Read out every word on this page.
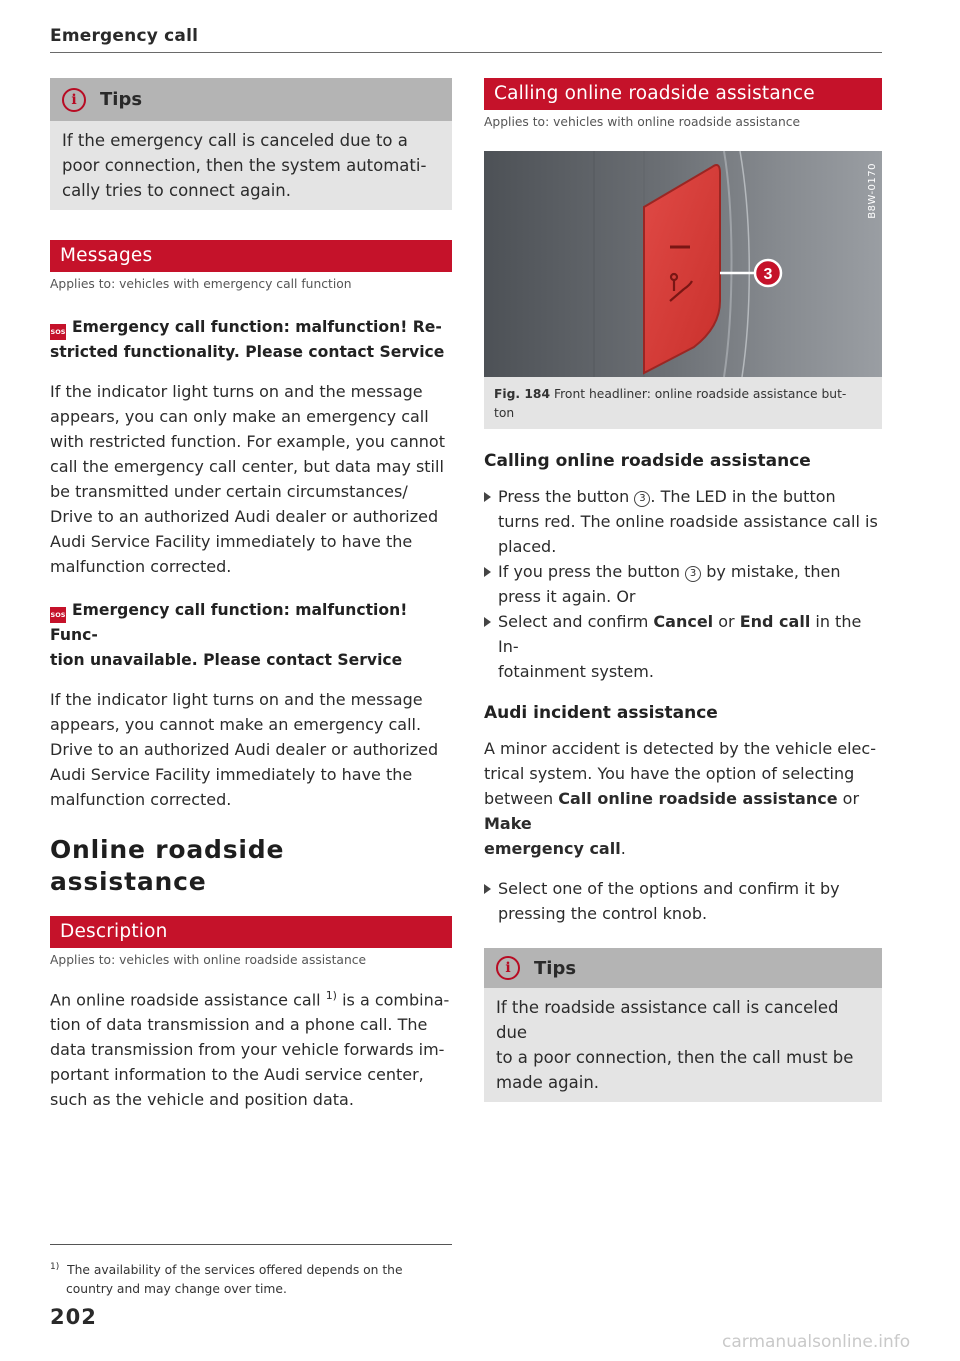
Emergency call
i	Tips
If the emergency call is canceled due to a
poor connection, then the system automati-
cally tries to connect again.
Messages
Applies to: vehicles with emergency call function
SOS Emergency call function: malfunction! Re-
stricted functionality. Please contact Service
If the indicator light turns on and the message
appears, you can only make an emergency call
with restricted function. For example, you cannot
call the emergency call center, but data may still
be transmitted under certain circumstances/
Drive to an authorized Audi dealer or authorized
Audi Service Facility immediately to have the
malfunction corrected.
SOS Emergency call function: malfunction! Func-
tion unavailable. Please contact Service
If the indicator light turns on and the message
appears, you cannot make an emergency call.
Drive to an authorized Audi dealer or authorized
Audi Service Facility immediately to have the
malfunction corrected.
Online roadside
assistance
Description
Applies to: vehicles with online roadside assistance
An online roadside assistance call $^{1)}$ is a combina-
tion of data transmission and a phone call. The
data transmission from your vehicle forwards im-
portant information to the Audi service center,
such as the vehicle and position data.
$^{1)}$ The availability of the services offered depends on the
country and may change over time.
202
Calling online roadside assistance
Applies to: vehicles with online roadside assistance
3
B8W-0170
Fig. 184 Front headliner: online roadside assistance but-
ton
Calling online roadside assistance
Press the button 3 . The LED in the button
turns red. The online roadside assistance call is
placed.
If you press the button 3 by mistake, then
press it again. Or
Select and confirm Cancel or End call in the In-
fotainment system.
Audi incident assistance
A minor accident is detected by the vehicle elec-
trical system. You have the option of selecting
between Call online roadside assistance or Make
emergency call.
Select one of the options and confirm it by
pressing the control knob.
i	Tips
If the roadside assistance call is canceled due
to a poor connection, then the call must be
made again.
carmanualsonline.info
